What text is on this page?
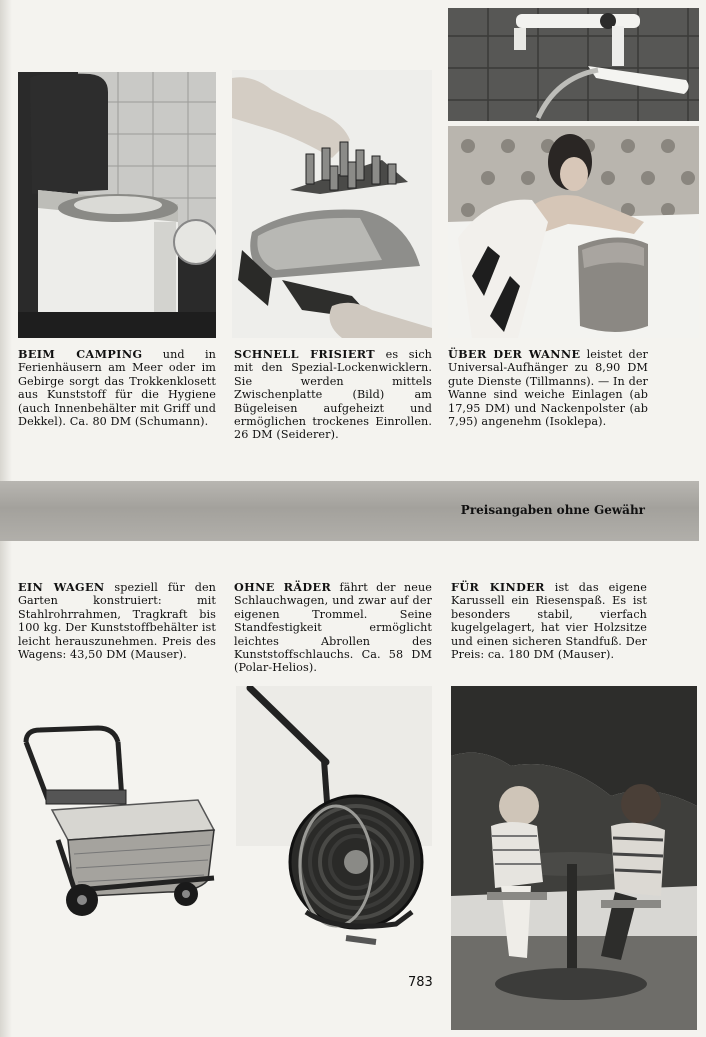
BEIM CAMPING und in Ferienhäusern am Meer oder im Gebirge sorgt das Trokkenklosett aus Kunststoff für die Hygiene (auch Innenbehälter mit Griff und Dekkel). Ca. 80 DM (Schumann).
SCHNELL FRISIERT es sich mit den Spezial-Lockenwicklern. Sie werden mittels Zwischenplatte (Bild) am Bügeleisen aufgeheizt und ermöglichen trockenes Einrollen. 26 DM (Seiderer).
ÜBER DER WANNE leistet der Universal-Aufhänger zu 8,90 DM gute Dienste (Tillmanns). — In der Wanne sind weiche Einlagen (ab 17,95 DM) und Nackenpolster (ab 7,95) angenehm (Isoklepa).
Preisangaben ohne Gewähr
EIN WAGEN speziell für den Garten konstruiert: mit Stahlrohrrahmen, Tragkraft bis 100 kg. Der Kunststoffbehälter ist leicht herauszunehmen. Preis des Wagens: 43,50 DM (Mauser).
OHNE RÄDER fährt der neue Schlauchwagen, und zwar auf der eigenen Trommel. Seine Standfestigkeit ermöglicht leichtes Abrollen des Kunststoffschlauchs. Ca. 58 DM (Polar-Helios).
FÜR KINDER ist das eigene Karussell ein Riesenspaß. Es ist besonders stabil, vierfach kugelgelagert, hat vier Holzsitze und einen sicheren Standfuß. Der Preis: ca. 180 DM (Mauser).
783
